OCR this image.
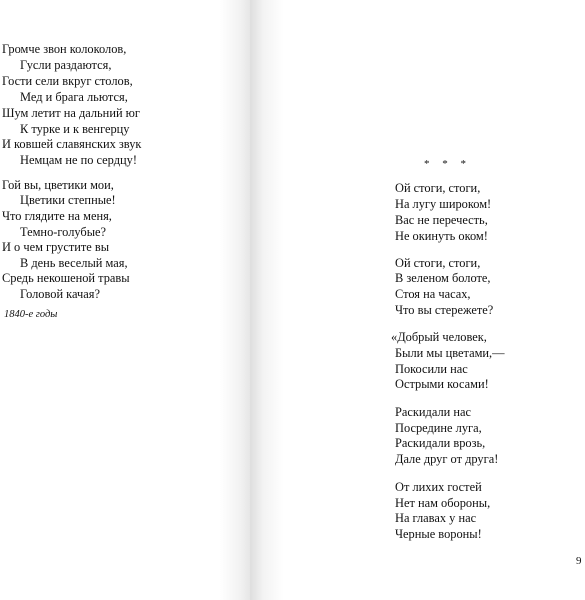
Громче звон колоколов,
Гусли раздаются,
Гости сели вкруг столов,
Мед и брага льются,
Шум летит на дальний юг
К турке и к венгерцу
И ковшей славянских звук
Немцам не по сердцу!
Гой вы, цветики мои,
Цветики степные!
Что глядите на меня,
Темно-голубые?
И о чем грустите вы
В день веселый мая,
Средь некошеной травы
Головой качая?
1840-е годы
* * *
Ой стоги, стоги,
На лугу широком!
Вас не перечесть,
Не окинуть оком!
Ой стоги, стоги,
В зеленом болоте,
Стоя на часах,
Что вы стережете?
«Добрый человек,
Были мы цветами,—
Покосили нас
Острыми косами!
Раскидали нас
Посредине луга,
Раскидали врозь,
Дале друг от друга!
От лихих гостей
Нет нам обороны,
На главах у нас
Черные вороны!
9
